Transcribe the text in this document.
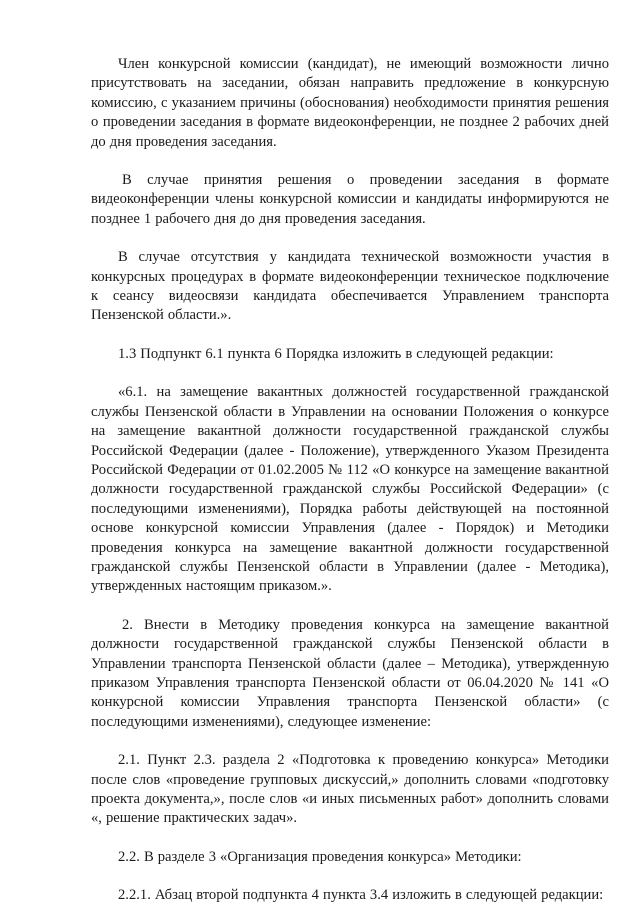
Член конкурсной комиссии (кандидат), не имеющий возможности лично присутствовать на заседании, обязан направить предложение в конкурсную комиссию, с указанием причины (обоснования) необходимости принятия решения о проведении заседания в формате видеоконференции, не позднее 2 рабочих дней до дня проведения заседания.

В случае принятия решения о проведении заседания в формате видеоконференции члены конкурсной комиссии и кандидаты информируются не позднее 1 рабочего дня до дня проведения заседания.

В случае отсутствия у кандидата технической возможности участия в конкурсных процедурах в формате видеоконференции техническое подключение к сеансу видеосвязи кандидата обеспечивается Управлением транспорта Пензенской области.».

1.3 Подпункт 6.1 пункта 6 Порядка изложить в следующей редакции:

«6.1. на замещение вакантных должностей государственной гражданской службы Пензенской области в Управлении на основании Положения о конкурсе на замещение вакантной должности государственной гражданской службы Российской Федерации (далее - Положение), утвержденного Указом Президента Российской Федерации от 01.02.2005 № 112 «О конкурсе на замещение вакантной должности государственной гражданской службы Российской Федерации» (с последующими изменениями), Порядка работы действующей на постоянной основе конкурсной комиссии Управления (далее - Порядок) и Методики проведения конкурса на замещение вакантной должности государственной гражданской службы Пензенской области в Управлении (далее - Методика), утвержденных настоящим приказом.».

2. Внести в Методику проведения конкурса на замещение вакантной должности государственной гражданской службы Пензенской области в Управлении транспорта Пензенской области (далее – Методика), утвержденную приказом Управления транспорта Пензенской области от 06.04.2020 № 141 «О конкурсной комиссии Управления транспорта Пензенской области» (с последующими изменениями), следующее изменение:

2.1. Пункт 2.3. раздела 2 «Подготовка к проведению конкурса» Методики после слов «проведение групповых дискуссий,» дополнить словами «подготовку проекта документа,», после слов «и иных письменных работ» дополнить словами «, решение практических задач».

2.2. В разделе 3 «Организация проведения конкурса» Методики:

2.2.1. Абзац второй подпункта 4 пункта 3.4 изложить в следующей редакции:
